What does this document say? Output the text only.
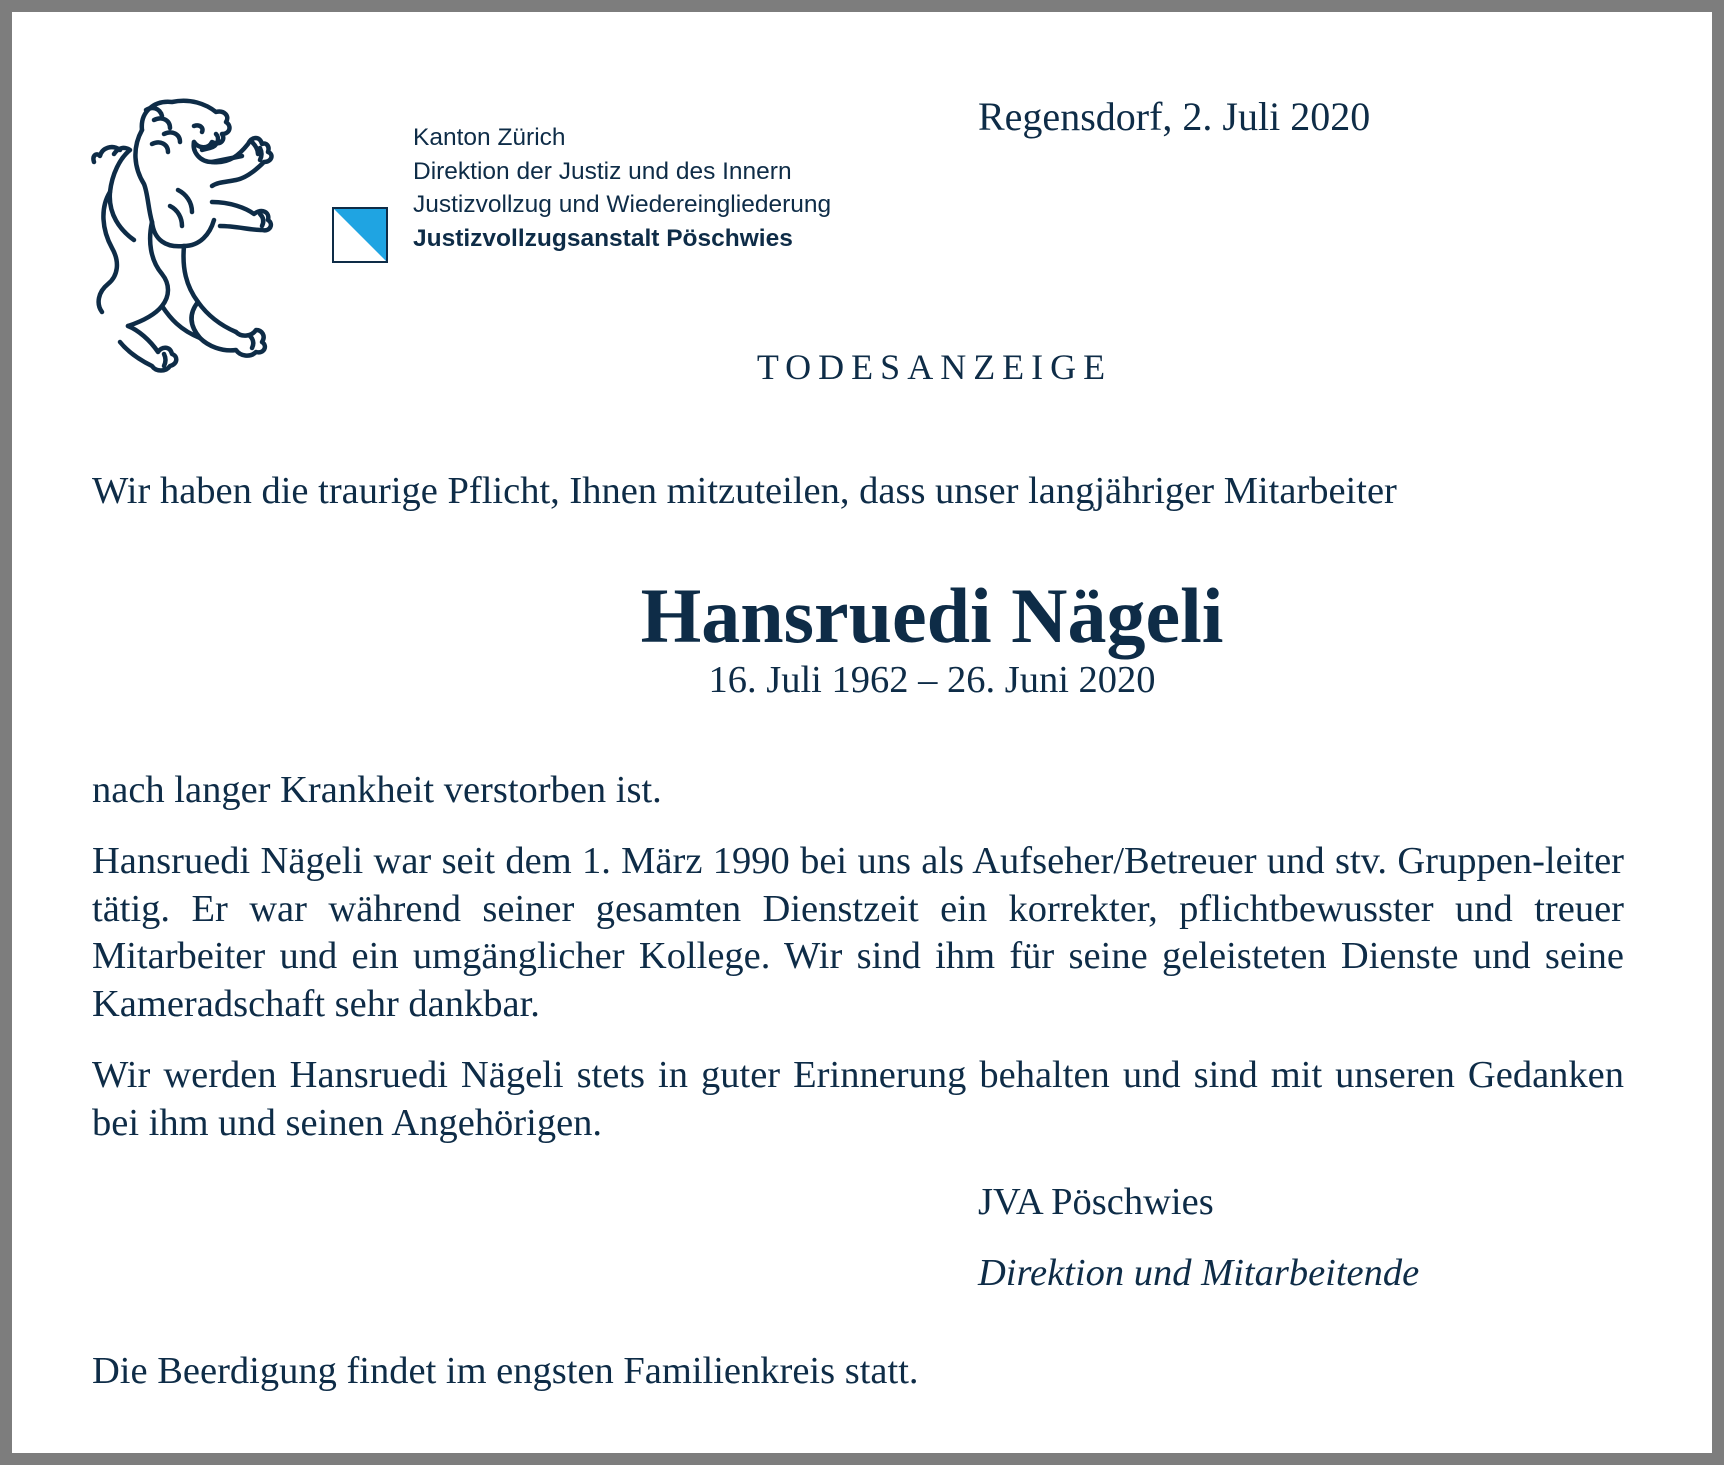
Kanton Zürich
Direktion der Justiz und des Innern
Justizvollzug und Wiedereingliederung
Justizvollzugsanstalt Pöschwies
Regensdorf, 2. Juli 2020
TODESANZEIGE
Wir haben die traurige Pflicht, Ihnen mitzuteilen, dass unser langjähriger Mitarbeiter
Hansruedi Nägeli
16. Juli 1962 – 26. Juni 2020
nach langer Krankheit verstorben ist.
Hansruedi Nägeli war seit dem 1. März 1990 bei uns als Aufseher/Betreuer und stv. Gruppen-leiter tätig. Er war während seiner gesamten Dienstzeit ein korrekter, pflichtbewusster und treuer Mitarbeiter und ein umgänglicher Kollege. Wir sind ihm für seine geleisteten Dienste und seine Kameradschaft sehr dankbar.
Wir werden Hansruedi Nägeli stets in guter Erinnerung behalten und sind mit unseren Gedanken bei ihm und seinen Angehörigen.
JVA Pöschwies
Direktion und Mitarbeitende
Die Beerdigung findet im engsten Familienkreis statt.
